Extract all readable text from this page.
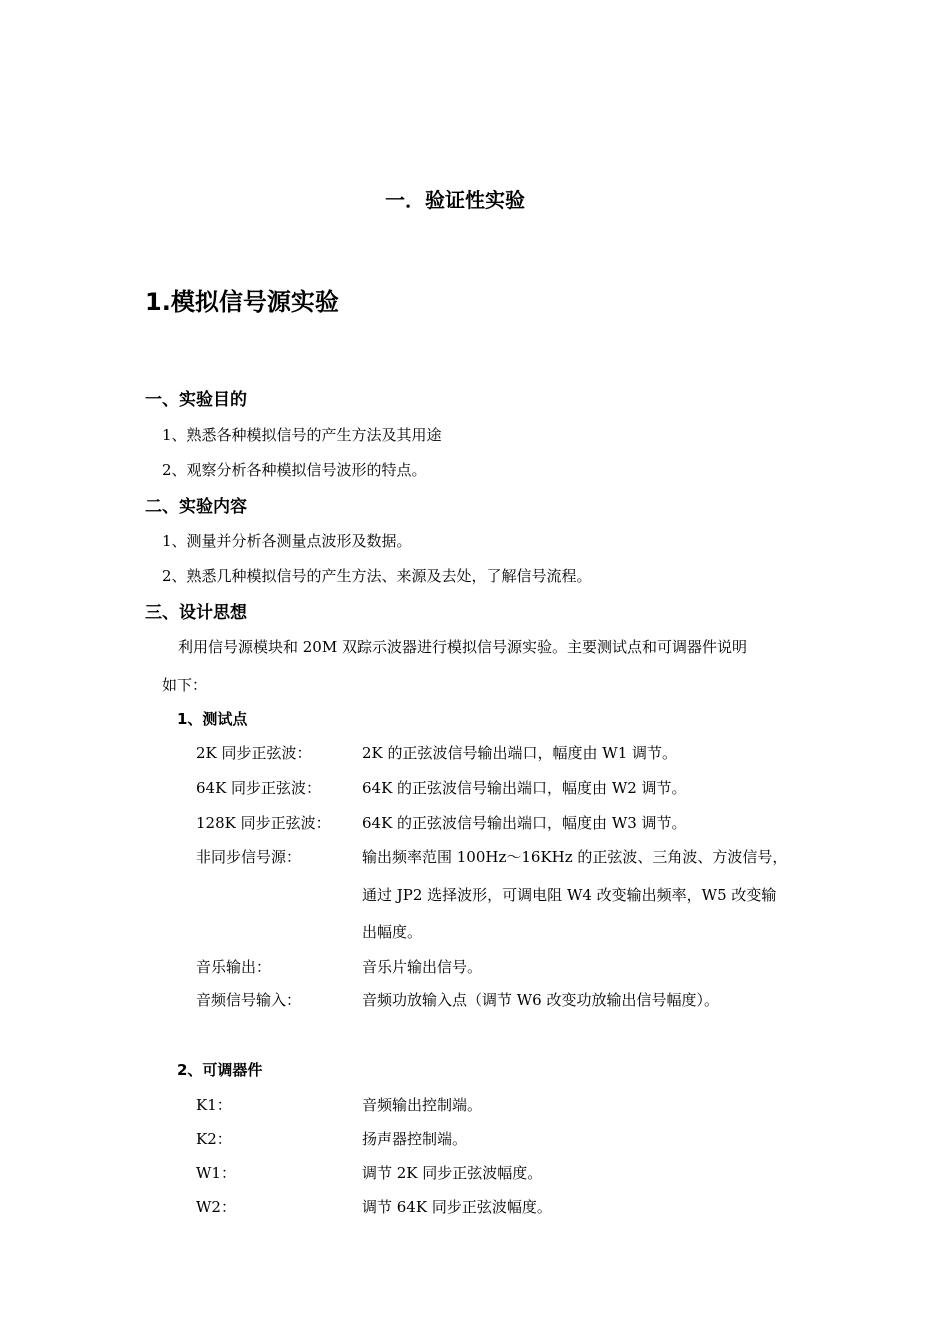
一．验证性实验
1.模拟信号源实验
一、实验目的
1、熟悉各种模拟信号的产生方法及其用途
2、观察分析各种模拟信号波形的特点。
二、实验内容
1、测量并分析各测量点波形及数据。
2、熟悉几种模拟信号的产生方法、来源及去处，了解信号流程。
三、设计思想
利用信号源模块和 20M 双踪示波器进行模拟信号源实验。主要测试点和可调器件说明
如下：
1、测试点
2K 同步正弦波：	2K 的正弦波信号输出端口，幅度由 W1 调节。
64K 同步正弦波：	64K 的正弦波信号输出端口，幅度由 W2 调节。
128K 同步正弦波： 64K 的正弦波信号输出端口，幅度由 W3 调节。
非同步信号源：	输出频率范围 100Hz～16KHz 的正弦波、三角波、方波信号，
通过 JP2 选择波形，可调电阻 W4 改变输出频率，W5 改变输
出幅度。
音乐输出：	音乐片输出信号。
音频信号输入：	音频功放输入点（调节 W6 改变功放输出信号幅度）。
2、可调器件
K1：	音频输出控制端。
K2：	扬声器控制端。
W1：	调节 2K 同步正弦波幅度。
W2：	调节 64K 同步正弦波幅度。
